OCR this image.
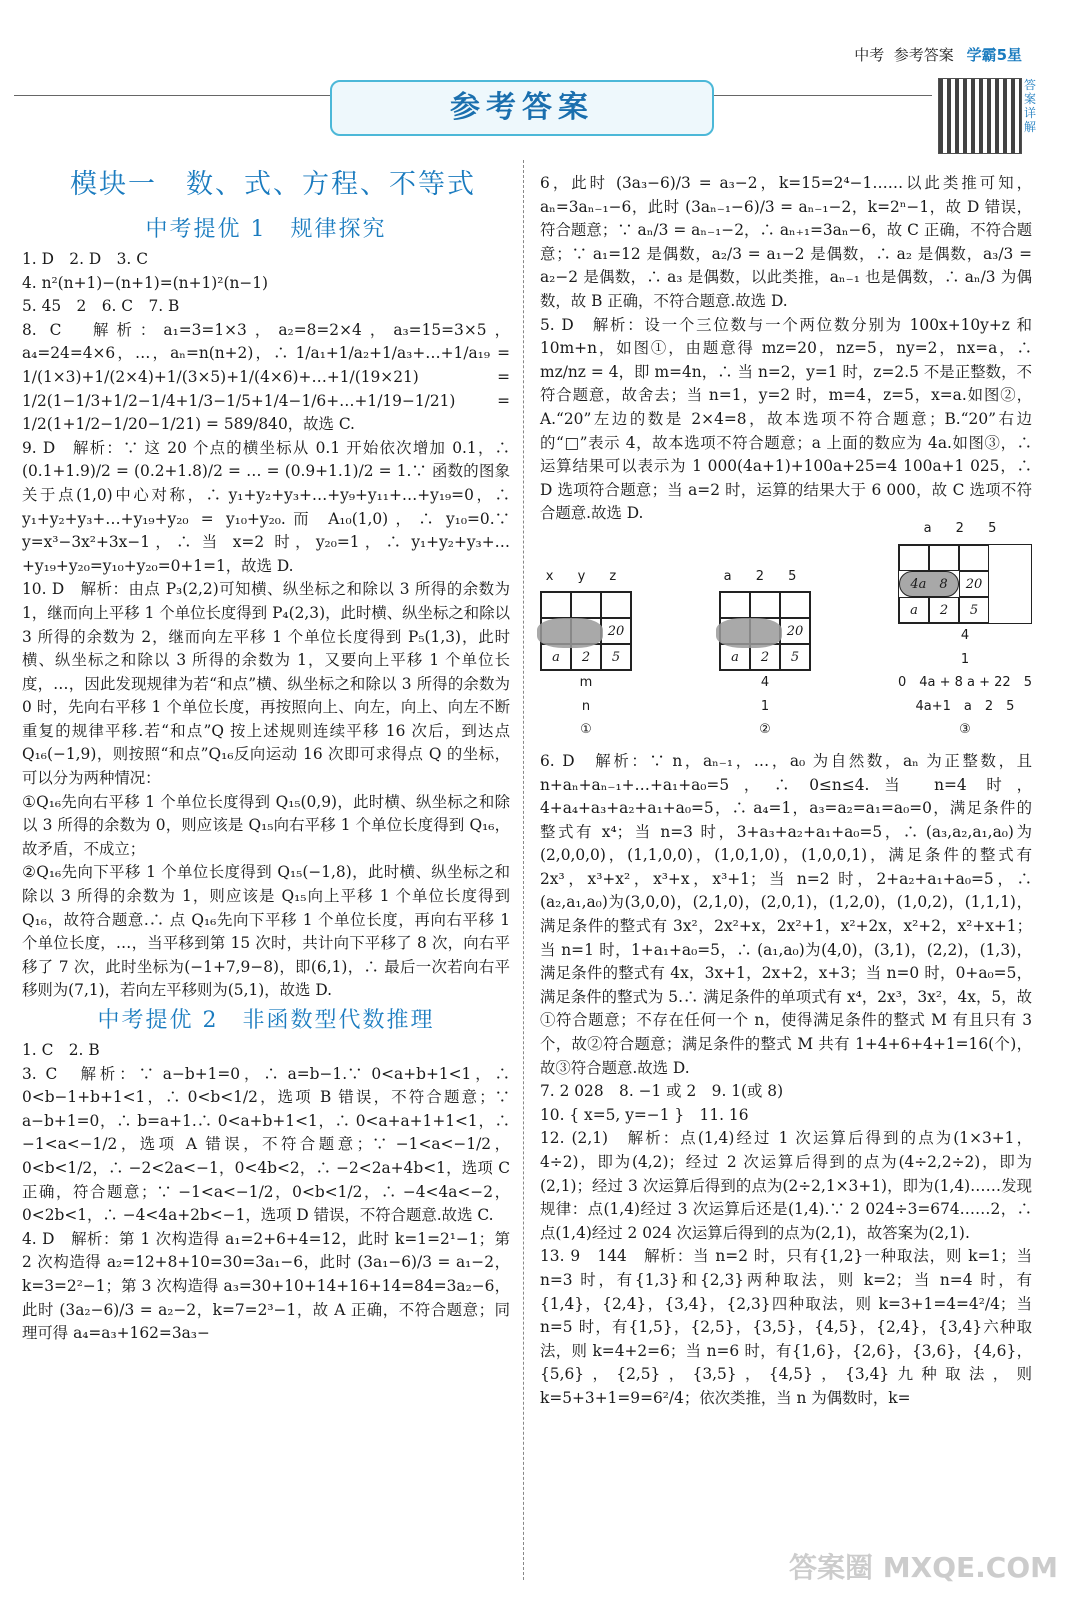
中考 参考答案 学霸5星
答案详解
参考答案
模块一　数、式、方程、不等式
中考提优 1　规律探究

1. D　2. D　3. C

4. n²(n+1)−(n+1)=(n+1)²(n−1)

5. 45　2　6. C　7. B

8. C　解析：a₁=3=1×3，a₂=8=2×4，a₃=15=3×5，a₄=24=4×6，…，aₙ=n(n+2)，∴ 1/a₁+1/a₂+1/a₃+…+1/a₁₉ = 1/(1×3)+1/(2×4)+1/(3×5)+1/(4×6)+…+1/(19×21) = 1/2(1−1/3+1/2−1/4+1/3−1/5+1/4−1/6+…+1/19−1/21) = 1/2(1+1/2−1/20−1/21) = 589/840，故选 C.

9. D　解析：∵ 这 20 个点的横坐标从 0.1 开始依次增加 0.1，∴ (0.1+1.9)/2 = (0.2+1.8)/2 = … = (0.9+1.1)/2 = 1.∵ 函数的图象关于点(1,0)中心对称，∴ y₁+y₂+y₃+…+y₉+y₁₁+…+y₁₉=0，∴ y₁+y₂+y₃+…+y₁₉+y₂₀ = y₁₀+y₂₀.而 A₁₀(1,0)，∴ y₁₀=0.∵ y=x³−3x²+3x−1，∴ 当 x=2 时，y₂₀=1，∴ y₁+y₂+y₃+…+y₁₉+y₂₀=y₁₀+y₂₀=0+1=1，故选 D.

10. D　解析：由点 P₃(2,2)可知横、纵坐标之和除以 3 所得的余数为 1，继而向上平移 1 个单位长度得到 P₄(2,3)，此时横、纵坐标之和除以 3 所得的余数为 2，继而向左平移 1 个单位长度得到 P₅(1,3)，此时横、纵坐标之和除以 3 所得的余数为 1，又要向上平移 1 个单位长度，…，因此发现规律为若“和点”横、纵坐标之和除以 3 所得的余数为 0 时，先向右平移 1 个单位长度，再按照向上、向左，向上、向左不断重复的规律平移.若“和点”Q 按上述规则连续平移 16 次后，到达点 Q₁₆(−1,9)，则按照“和点”Q₁₆反向运动 16 次即可求得点 Q 的坐标，可以分为两种情况：

①Q₁₆先向右平移 1 个单位长度得到 Q₁₅(0,9)，此时横、纵坐标之和除以 3 所得的余数为 0，则应该是 Q₁₅向右平移 1 个单位长度得到 Q₁₆，故矛盾，不成立；

②Q₁₆先向下平移 1 个单位长度得到 Q₁₅(−1,8)，此时横、纵坐标之和除以 3 所得的余数为 1，则应该是 Q₁₅向上平移 1 个单位长度得到 Q₁₆，故符合题意.∴ 点 Q₁₆先向下平移 1 个单位长度，再向右平移 1 个单位长度，…，当平移到第 15 次时，共计向下平移了 8 次，向右平移了 7 次，此时坐标为(−1+7,9−8)，即(6,1)，∴ 最后一次若向右平移则为(7,1)，若向左平移则为(5,1)，故选 D.

中考提优 2　非函数型代数推理

1. C　2. B

3. C　解析：∵ a−b+1=0，∴ a=b−1.∵ 0<a+b+1<1，∴ 0<b−1+b+1<1，∴ 0<b<1/2，选项 B 错误，不符合题意；∵ a−b+1=0，∴ b=a+1.∴ 0<a+b+1<1，∴ 0<a+a+1+1<1，∴ −1<a<−1/2，选项 A 错误，不符合题意；∵ −1<a<−1/2，0<b<1/2，∴ −2<2a<−1，0<4b<2，∴ −2<2a+4b<1，选项 C 正确，符合题意；∵ −1<a<−1/2，0<b<1/2，∴ −4<4a<−2，0<2b<1，∴ −4<4a+2b<−1，选项 D 错误，不符合题意.故选 C.

4. D　解析：第 1 次构造得 a₁=2+6+4=12，此时 k=1=2¹−1；第 2 次构造得 a₂=12+8+10=30=3a₁−6，此时 (3a₁−6)/3 = a₁−2，k=3=2²−1；第 3 次构造得 a₃=30+10+14+16+14=84=3a₂−6，此时 (3a₂−6)/3 = a₂−2，k=7=2³−1，故 A 正确，不符合题意；同理可得 a₄=a₃+162=3a₃−

6，此时 (3a₃−6)/3 = a₃−2，k=15=2⁴−1……以此类推可知，aₙ=3aₙ₋₁−6，此时 (3aₙ₋₁−6)/3 = aₙ₋₁−2，k=2ⁿ−1，故 D 错误，符合题意；∵ aₙ/3 = aₙ₋₁−2，∴ aₙ₊₁=3aₙ−6，故 C 正确，不符合题意；∵ a₁=12 是偶数，a₂/3 = a₁−2 是偶数，∴ a₂ 是偶数，a₃/3 = a₂−2 是偶数，∴ a₃ 是偶数，以此类推，aₙ₋₁ 也是偶数，∴ aₙ/3 为偶数，故 B 正确，不符合题意.故选 D.

5. D　解析：设一个三位数与一个两位数分别为 100x+10y+z 和 10m+n，如图①，由题意得 mz=20，nz=5，ny=2，nx=a，∴ mz/nz = 4，即 m=4n，∴ 当 n=2，y=1 时，z=2.5 不是正整数，不符合题意，故舍去；当 n=1，y=2 时，m=4，z=5，x=a.如图②，A.“20”左边的数是 2×4=8，故本选项不符合题意；B.“20”右边的“□”表示 4，故本选项不符合题意；a 上面的数应为 4a.如图③，∴ 运算结果可以表示为 1 000(4a+1)+100a+25=4 100a+1 025，∴ D 选项符合题意；当 a=2 时，运算的结果大于 6 000，故 C 选项不符合题意.故选 D.

x y z
20
a	2	5
m
n
①
a 2 5
20
a	2	5
4
1
②
a 2 5
4a　8	20
a	2	5
4
1
0　4a + 8 a + 22　5
4a+1　a　2　5
③

6. D　解析：∵ n，aₙ₋₁，…，a₀ 为自然数，aₙ 为正整数，且 n+aₙ+aₙ₋₁+…+a₁+a₀=5，∴ 0≤n≤4.当 n=4 时，4+a₄+a₃+a₂+a₁+a₀=5，∴ a₄=1，a₃=a₂=a₁=a₀=0，满足条件的整式有 x⁴；当 n=3 时，3+a₃+a₂+a₁+a₀=5，∴ (a₃,a₂,a₁,a₀)为(2,0,0,0)，(1,1,0,0)，(1,0,1,0)，(1,0,0,1)，满足条件的整式有 2x³，x³+x²，x³+x，x³+1；当 n=2 时，2+a₂+a₁+a₀=5，∴ (a₂,a₁,a₀)为(3,0,0)，(2,1,0)，(2,0,1)，(1,2,0)，(1,0,2)，(1,1,1)，满足条件的整式有 3x²，2x²+x，2x²+1，x²+2x，x²+2，x²+x+1；当 n=1 时，1+a₁+a₀=5，∴ (a₁,a₀)为(4,0)，(3,1)，(2,2)，(1,3)，满足条件的整式有 4x，3x+1，2x+2，x+3；当 n=0 时，0+a₀=5，满足条件的整式为 5.∴ 满足条件的单项式有 x⁴，2x³，3x²，4x，5，故①符合题意；不存在任何一个 n，使得满足条件的整式 M 有且只有 3 个，故②符合题意；满足条件的整式 M 共有 1+4+6+4+1=16(个)，故③符合题意.故选 D.

7. 2 028　8. −1 或 2　9. 1(或 8)

10. { x=5, y=−1 }　11. 16

12. (2,1)　解析：点(1,4)经过 1 次运算后得到的点为(1×3+1，4÷2)，即为(4,2)；经过 2 次运算后得到的点为(4÷2,2÷2)，即为(2,1)；经过 3 次运算后得到的点为(2÷2,1×3+1)，即为(1,4)……发现规律：点(1,4)经过 3 次运算后还是(1,4).∵ 2 024÷3=674……2，∴ 点(1,4)经过 2 024 次运算后得到的点为(2,1)，故答案为(2,1).

13. 9　144　解析：当 n=2 时，只有{1,2}一种取法，则 k=1；当 n=3 时，有{1,3}和{2,3}两种取法，则 k=2；当 n=4 时，有{1,4}，{2,4}，{3,4}，{2,3}四种取法，则 k=3+1=4=4²/4；当 n=5 时，有{1,5}，{2,5}，{3,5}，{4,5}，{2,4}，{3,4}六种取法，则 k=4+2=6；当 n=6 时，有{1,6}，{2,6}，{3,6}，{4,6}，{5,6}，{2,5}，{3,5}，{4,5}，{3,4}九种取法，则 k=5+3+1=9=6²/4；依次类推，当 n 为偶数时，k=

答案圈 MXQE.COM
